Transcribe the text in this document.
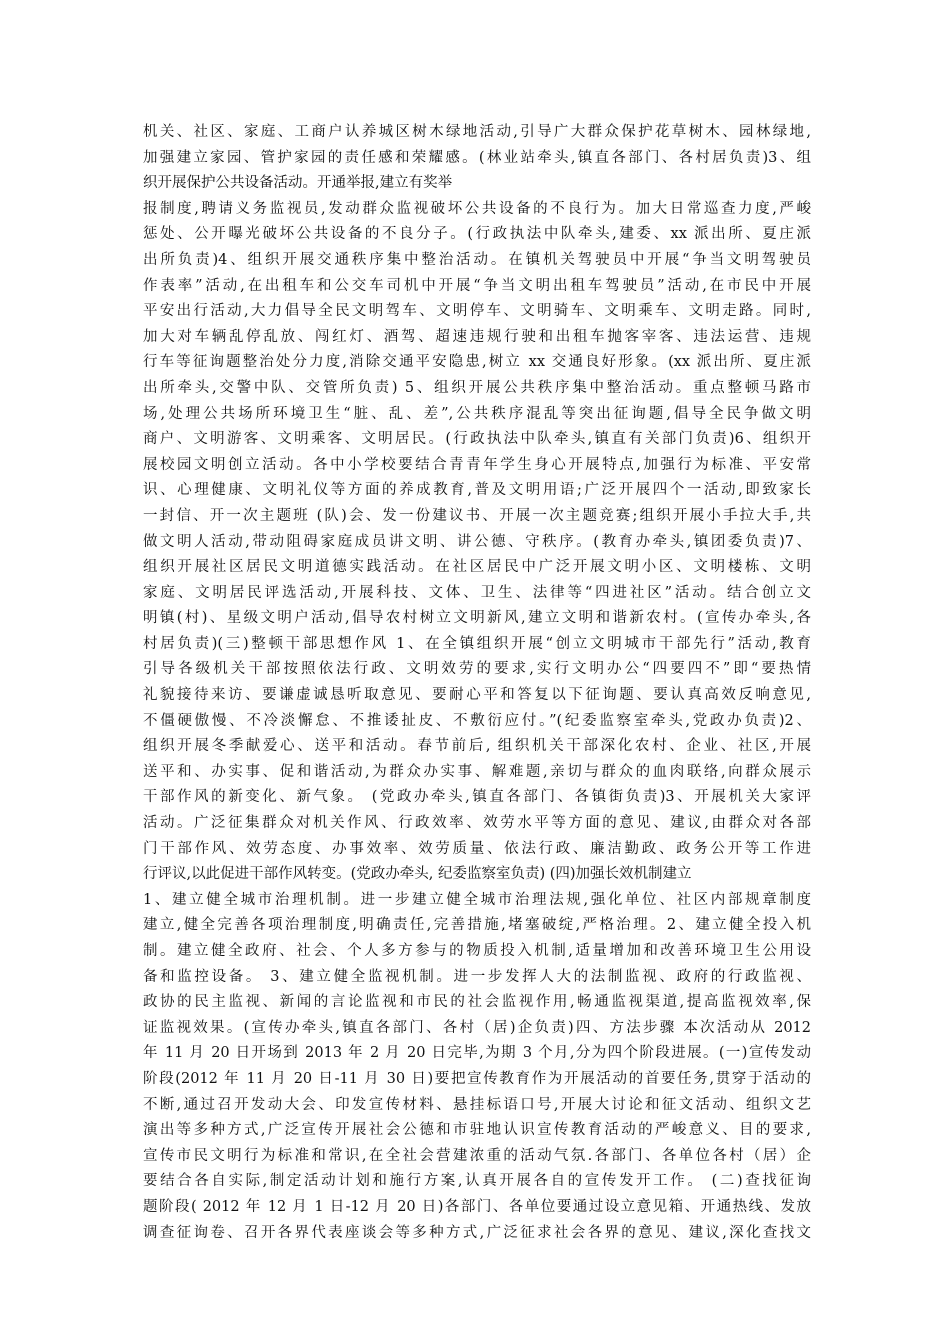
机关、社区、家庭、工商户认养城区树木绿地活动,引导广大群众保护花草树木、园林绿地,
加强建立家园、管护家园的责任感和荣耀感。(林业站牵头,镇直各部门、各村居负责)3、组
织开展保护公共设备活动。开通举报,建立有奖举
报制度,聘请义务监视员,发动群众监视破坏公共设备的不良行为。加大日常巡查力度,严峻
惩处、公开曝光破坏公共设备的不良分子。(行政执法中队牵头,建委、xx 派出所、夏庄派
出所负责)4、组织开展交通秩序集中整治活动。在镇机关驾驶员中开展“争当文明驾驶员
作表率”活动,在出租车和公交车司机中开展“争当文明出租车驾驶员”活动,在市民中开展
平安出行活动,大力倡导全民文明驾车、文明停车、文明骑车、文明乘车、文明走路。同时,
加大对车辆乱停乱放、闯红灯、酒驾、超速违规行驶和出租车抛客宰客、违法运营、违规
行车等征询题整治处分力度,消除交通平安隐患,树立 xx 交通良好形象。(xx 派出所、夏庄派
出所牵头,交警中队、交管所负责) 5、组织开展公共秩序集中整治活动。重点整顿马路市
场,处理公共场所环境卫生“脏、乱、差”,公共秩序混乱等突出征询题,倡导全民争做文明
商户、文明游客、文明乘客、文明居民。(行政执法中队牵头,镇直有关部门负责)6、组织开
展校园文明创立活动。各中小学校要结合青青年学生身心开展特点,加强行为标准、平安常
识、心理健康、文明礼仪等方面的养成教育,普及文明用语;广泛开展四个一活动,即致家长
一封信、开一次主题班 (队)会、发一份建议书、开展一次主题竞赛;组织开展小手拉大手,共
做文明人活动,带动阻碍家庭成员讲文明、讲公德、守秩序。(教育办牵头,镇团委负责)7、
组织开展社区居民文明道德实践活动。在社区居民中广泛开展文明小区、文明楼栋、文明
家庭、文明居民评选活动,开展科技、文体、卫生、法律等“四进社区”活动。结合创立文
明镇(村)、星级文明户活动,倡导农村树立文明新风,建立文明和谐新农村。(宣传办牵头,各
村居负责)(三)整顿干部思想作风 1、在全镇组织开展“创立文明城市干部先行”活动,教育
引导各级机关干部按照依法行政、文明效劳的要求,实行文明办公“四要四不”即“要热情
礼貌接待来访、要谦虚诚恳听取意见、要耐心平和答复以下征询题、要认真高效反响意见,
不僵硬傲慢、不冷淡懈怠、不推诿扯皮、不敷衍应付。”(纪委监察室牵头,党政办负责)2、
组织开展冬季献爱心、送平和活动。春节前后, 组织机关干部深化农村、企业、社区,开展
送平和、办实事、促和谐活动,为群众办实事、解难题,亲切与群众的血肉联络,向群众展示
干部作风的新变化、新气象。 (党政办牵头,镇直各部门、各镇街负责)3、开展机关大家评
活动。广泛征集群众对机关作风、行政效率、效劳水平等方面的意见、建议,由群众对各部
门干部作风、效劳态度、办事效率、效劳质量、依法行政、廉洁勤政、政务公开等工作进
行评议,以此促进干部作风转变。(党政办牵头, 纪委监察室负责) (四)加强长效机制建立
1、建立健全城市治理机制。进一步建立健全城市治理法规,强化单位、社区内部规章制度
建立,健全完善各项治理制度,明确责任,完善措施,堵塞破绽,严格治理。2、建立健全投入机
制。建立健全政府、社会、个人多方参与的物质投入机制,适量增加和改善环境卫生公用设
备和监控设备。 3、建立健全监视机制。进一步发挥人大的法制监视、政府的行政监视、
政协的民主监视、新闻的言论监视和市民的社会监视作用,畅通监视渠道,提高监视效率,保
证监视效果。(宣传办牵头,镇直各部门、各村（居)企负责)四、方法步骤 本次活动从 2012
年 11 月 20 日开场到 2013 年 2 月 20 日完毕,为期 3 个月,分为四个阶段进展。(一)宣传发动
阶段(2012 年 11 月 20 日-11 月 30 日)要把宣传教育作为开展活动的首要任务,贯穿于活动的
不断,通过召开发动大会、印发宣传材料、悬挂标语口号,开展大讨论和征文活动、组织文艺
演出等多种方式,广泛宣传开展社会公德和市驻地认识宣传教育活动的严峻意义、目的要求,
宣传市民文明行为标准和常识,在全社会营建浓重的活动气氛.各部门、各单位各村（居）企
要结合各自实际,制定活动计划和施行方案,认真开展各自的宣传发开工作。 (二)查找征询
题阶段( 2012 年 12 月 1 日-12 月 20 日)各部门、各单位要通过设立意见箱、开通热线、发放
调查征询卷、召开各界代表座谈会等多种方式,广泛征求社会各界的意见、建议,深化查找文
